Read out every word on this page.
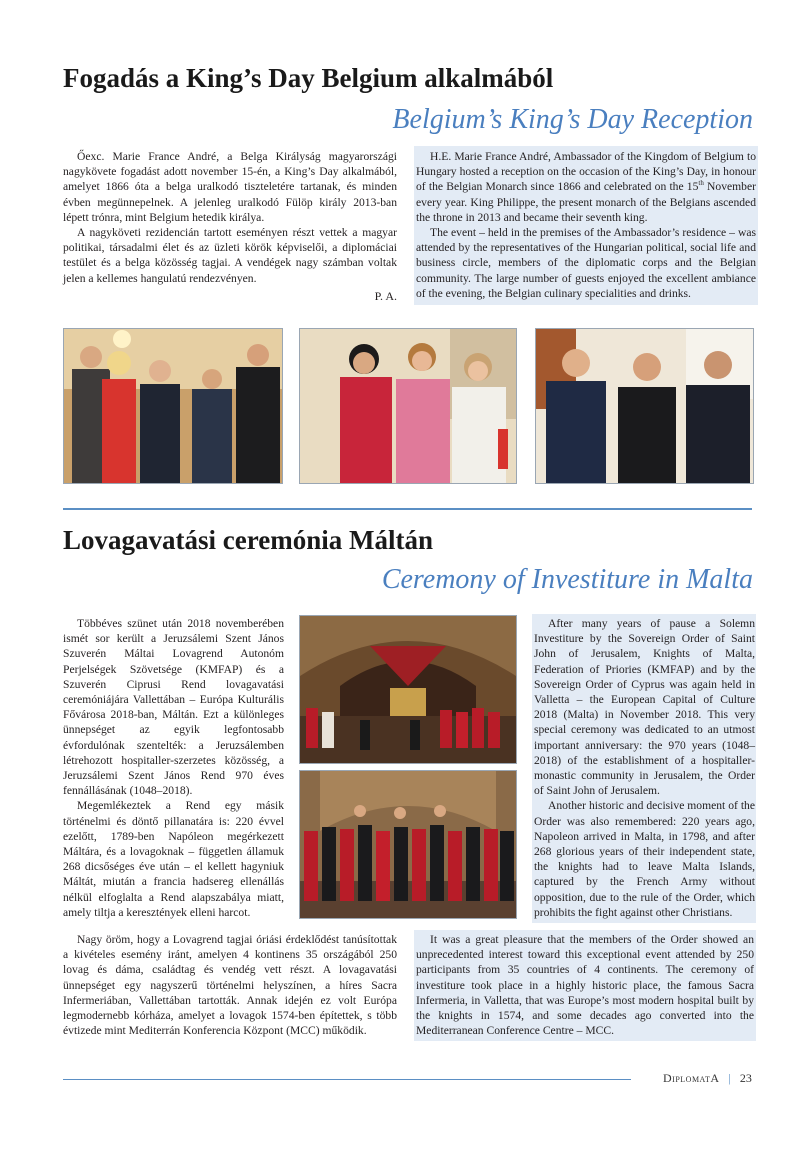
Fogadás a King’s Day Belgium alkalmából
Belgium’s King’s Day Reception

Őexc. Marie France André, a Belga Királyság magyarországi nagykövete fogadást adott november 15-én, a King’s Day alkalmából, amelyet 1866 óta a belga uralkodó tiszteletére tartanak, és minden évben megünnepelnek. A jelenleg uralkodó Fülöp király 2013-ban lépett trónra, mint Belgium hetedik királya.

A nagyköveti rezidencián tartott eseményen részt vettek a magyar politikai, társadalmi élet és az üzleti körök képviselői, a diplomáciai testület és a belga közösség tagjai. A vendégek nagy számban voltak jelen a kellemes hangulatú rendezvényen.

P. A.

H.E. Marie France André, Ambassador of the Kingdom of Belgium to Hungary hosted a reception on the occasion of the King’s Day, in honour of the Belgian Monarch since 1866 and celebrated on the 15th November every year. King Philippe, the present monarch of the Belgians ascended the throne in 2013 and became their seventh king.

The event – held in the premises of the Ambassador’s residence – was attended by the representatives of the Hungarian political, social life and business circle, members of the diplomatic corps and the Belgian community. The large number of guests enjoyed the excellent ambiance of the evening, the Belgian culinary specialities and drinks.

Lovagavatási ceremónia Máltán
Ceremony of Investiture in Malta

Többéves szünet után 2018 novemberében ismét sor került a Jeruzsálemi Szent János Szuverén Máltai Lovagrend Autonóm Perjelségek Szövetsége (KMFAP) és a Szuverén Ciprusi Rend lovagavatási ceremóniájára Vallettában – Európa Kulturális Fővárosa 2018-ban, Máltán. Ezt a különleges ünnepséget az egyik legfontosabb évfordulónak szentelték: a Jeruzsálemben létrehozott hospitaller-szerzetes közösség, a Jeruzsálemi Szent János Rend 970 éves fennállásának (1048–2018).

Megemlékeztek a Rend egy másik történelmi és döntő pillanatára is: 220 évvel ezelőtt, 1789-ben Napóleon megérkezett Máltára, és a lovagoknak – független államuk 268 dicsőséges éve után – el kellett hagyniuk Máltát, miután a francia hadsereg ellenállás nélkül elfoglalta a Rend alapszabálya miatt, amely tiltja a keresztények elleni harcot.

After many years of pause a Solemn Investiture by the Sovereign Order of Saint John of Jerusalem, Knights of Malta, Federation of Priories (KMFAP) and by the Sovereign Order of Cyprus was again held in Valletta – the European Capital of Culture 2018 (Malta) in November 2018. This very special ceremony was dedicated to an utmost important anniversary: the 970 years (1048–2018) of the establishment of a hospitaller-monastic community in Jerusalem, the Order of Saint John of Jerusalem.

Another historic and decisive moment of the Order was also remembered: 220 years ago, Napoleon arrived in Malta, in 1798, and after 268 glorious years of their independent state, the knights had to leave Malta Islands, captured by the French Army without opposition, due to the rule of the Order, which prohibits the fight against other Christians.

Nagy öröm, hogy a Lovagrend tagjai óriási érdeklődést tanúsítottak a kivételes esemény iránt, amelyen 4 kontinens 35 országából 250 lovag és dáma, családtag és vendég vett részt. A lovagavatási ünnepséget egy nagyszerű történelmi helyszínen, a híres Sacra Infermeriában, Vallettában tartották. Annak idején ez volt Európa legmodernebb kórháza, amelyet a lovagok 1574-ben építettek, s több évtizede mint Mediterrán Konferencia Központ (MCC) működik.

It was a great pleasure that the members of the Order showed an unprecedented interest toward this exceptional event attended by 250 participants from 35 countries of 4 continents. The ceremony of investiture took place in a highly historic place, the famous Sacra Infermeria, in Valletta, that was Europe’s most modern hospital built by the knights in 1574, and some decades ago converted into the Mediterranean Conference Centre – MCC.

DiplomatA | 23
